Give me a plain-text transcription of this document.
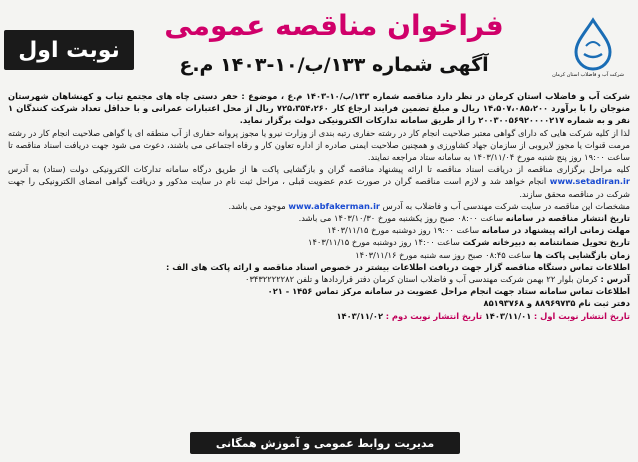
نوبت اول
فراخوان مناقصه عمومی
آگهی شماره ۱۳۳/ب/۱۰-۱۴۰۳ م.ع	شرکت آب و فاضلاب استان کرمان

شرکت آب و فاضلاب استان کرمان در نظر دارد مناقصه شماره ۱۳۳/ب/۱۰-۱۴۰۳ م.ع ، موضوع : حفر دستی چاه های مجتمع تیاب و کهنشاهان شهرستان منوجان را با برآورد ۱۴،۵۰۷،۰۸۵،۲۰۰ ریال و مبلغ تضمین فرایند ارجاع کار ۷۲۵،۳۵۴،۲۶۰ ریال از محل اعتبارات عمرانی و با حداقل تعداد شرکت کنندگان ۱ نفر و به شماره ۲۰۰۳۰۰۵۶۹۲۰۰۰۰۲۱۷ را از طریق سامانه تدارکات الکترونیکی دولت برگزار نماید.

لذا از کلیه شرکت هایی که دارای گواهی معتبر صلاحیت انجام کار در رشته حفاری رتبه بندی از وزارت نیرو یا مجوز پروانه حفاری از آب منطقه ای یا گواهی صلاحیت انجام کار در رشته مرمت قنوات یا مجوز لایروبی از سازمان جهاد کشاورزی و همچنین صلاحیت ایمنی صادره از اداره تعاون کار و رفاه اجتماعی می باشند، دعوت می شود جهت دریافت اسناد مناقصه تا ساعت ۱۹:۰۰ روز پنج شنبه مورخ ۱۴۰۳/۱۱/۰۴ به سامانه ستاد مراجعه نمایند.

کلیه مراحل برگزاری مناقصه از دریافت اسناد مناقصه تا ارائه پیشنهاد مناقصه گران و بازگشایی پاکت ها از طریق درگاه سامانه تدارکات الکترونیکی دولت (ستاد) به آدرس www.setadiran.ir انجام خواهد شد و لازم است مناقصه گران در صورت عدم عضویت قبلی ، مراحل ثبت نام در سایت مذکور و دریافت گواهی امضای الکترونیکی را جهت شرکت در مناقصه محقق سازند.

مشخصات این مناقصه در سایت شرکت مهندسی آب و فاضلاب به آدرس www.abfakerman.ir موجود می باشد.

تاریخ انتشار مناقصه در سامانه ساعت ۰۸:۰۰ صبح روز یکشنبه مورخ ۱۴۰۳/۱۰/۳۰ می باشد.

مهلت زمانی ارائه پیشنهاد در سامانه ساعت ۱۹:۰۰ روز دوشنبه مورخ ۱۴۰۳/۱۱/۱۵

تاریخ تحویل ضمانتنامه به دبیرخانه شرکت ساعت ۱۴:۰۰ روز دوشنبه مورخ ۱۴۰۳/۱۱/۱۵

زمان بازگشایی پاکت ها ساعت ۰۸:۴۵ صبح روز سه شنبه مورخ ۱۴۰۳/۱۱/۱۶

اطلاعات تماس دستگاه مناقصه گزار جهت دریافت اطلاعات بیشتر در خصوص اسناد مناقصه و ارائه پاکت های الف :

آدرس : کرمان بلوار ۲۲ بهمن شرکت مهندسی آب و فاضلاب استان کرمان دفتر قراردادها و تلفن ۰۳۴۳۲۲۲۲۲۸۲

اطلاعات تماس سامانه ستاد جهت انجام مراحل عضویت در سامانه مرکز تماس ۱۴۵۶ - ۰۲۱

دفتر ثبت نام ۸۸۹۶۹۷۳۵ و ۸۵۱۹۳۷۶۸

تاریخ انتشار نوبت اول : ۱۴۰۳/۱۱/۰۱ تاریخ انتشار نوبت دوم : ۱۴۰۳/۱۱/۰۲

مدیریت روابط عمومی و آموزش همگانی
